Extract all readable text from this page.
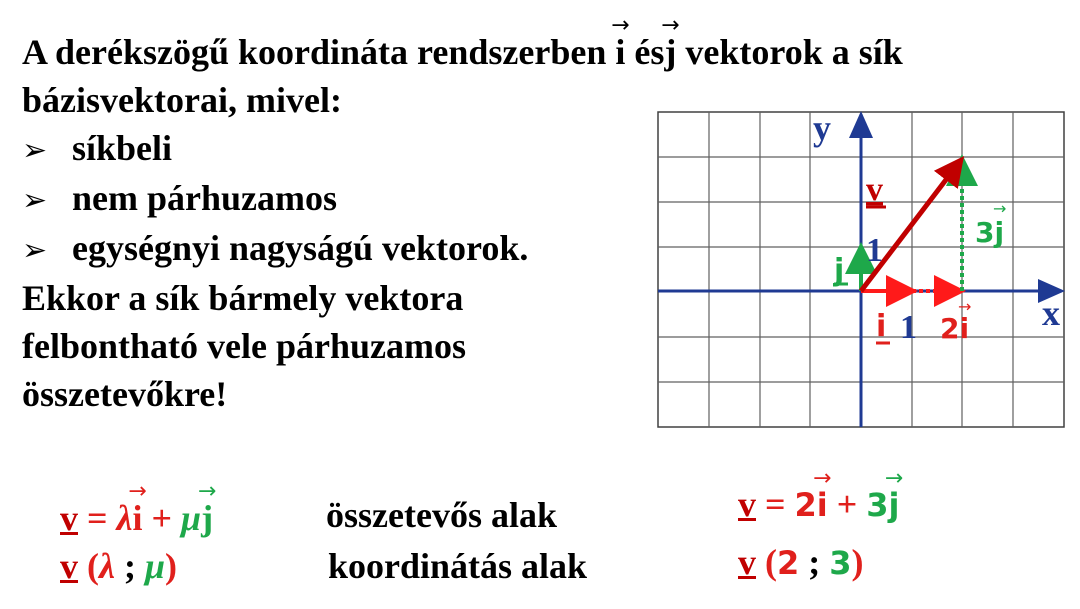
A derékszögű koordináta rendszerben
→
i és
→
j vektorok a sík
bázisvektorai, mivel:
➢ síkbeli
➢ nem párhuzamos
➢ egységnyi nagyságú vektorok.
Ekkor a sík bármely vektora
felbontható vele párhuzamos
összetevőkre!
y
x
v
1
j
i 1 2i
→
3j
→
v = λ
→
i + μ
→
j	összetevős alak
v (λ ; μ)	koordinátás alak
v = 2
→
i + 3
→
j
v (2 ; 3)
